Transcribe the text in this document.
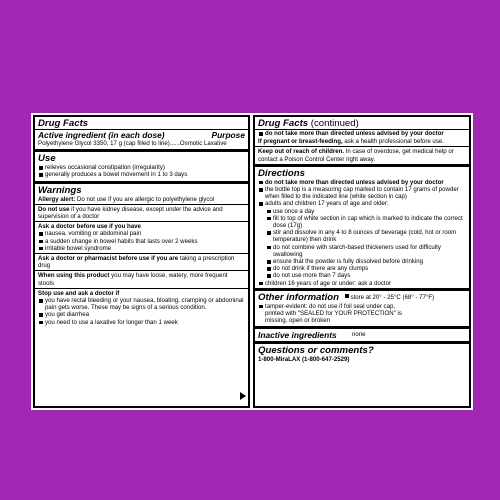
Drug Facts
Active ingredient (in each dose)	Purpose
Polyethylene Glycol 3350, 17 g (cap filled to line)......Osmotic Laxative
Use
relieves occasional constipation (irregularity)
generally produces a bowel movement in 1 to 3 days
Warnings
Allergy alert: Do not use if you are allergic to polyethylene glycol
Do not use if you have kidney disease, except under the advice and supervision of a doctor
Ask a doctor before use if you have
nausea, vomiting or abdominal pain
a sudden change in bowel habits that lasts over 2 weeks
irritable bowel syndrome
Ask a doctor or pharmacist before use if you are taking a prescription drug
When using this product you may have loose, watery, more frequent stools
Stop use and ask a doctor if
you have rectal bleeding or your nausea, bloating, cramping or abdominal pain gets worse. These may be signs of a serious condition.
you get diarrhea
you need to use a laxative for longer than 1 week
Drug Facts (continued)
do not take more than directed unless advised by your doctor
If pregnant or breast-feeding, ask a health professional before use.
Keep out of reach of children. In case of overdose, get medical help or contact a Poison Control Center right away.
Directions
do not take more than directed unless advised by your doctor
the bottle top is a measuring cap marked to contain 17 grams of powder when filled to the indicated line (white section in cap)
adults and children 17 years of age and older:
use once a day
fill to top of white section in cap which is marked to indicate the correct dose (17g)
stir and dissolve in any 4 to 8 ounces of beverage (cold, hot or room temperature) then drink
do not combine with starch-based thickeners used for difficulty swallowing
ensure that the powder is fully dissolved before drinking
do not drink if there are any clumps
do not use more than 7 days
children 16 years of age or under: ask a doctor
Other information	store at 20° - 25°C (68° - 77°F)
tamper-evident: do not use if foil seal under cap, printed with "SEALED for YOUR PROTECTION" is missing, open or broken
Inactive ingredients	none
Questions or comments?
1-800-MiraLAX (1-800-647-2529)
